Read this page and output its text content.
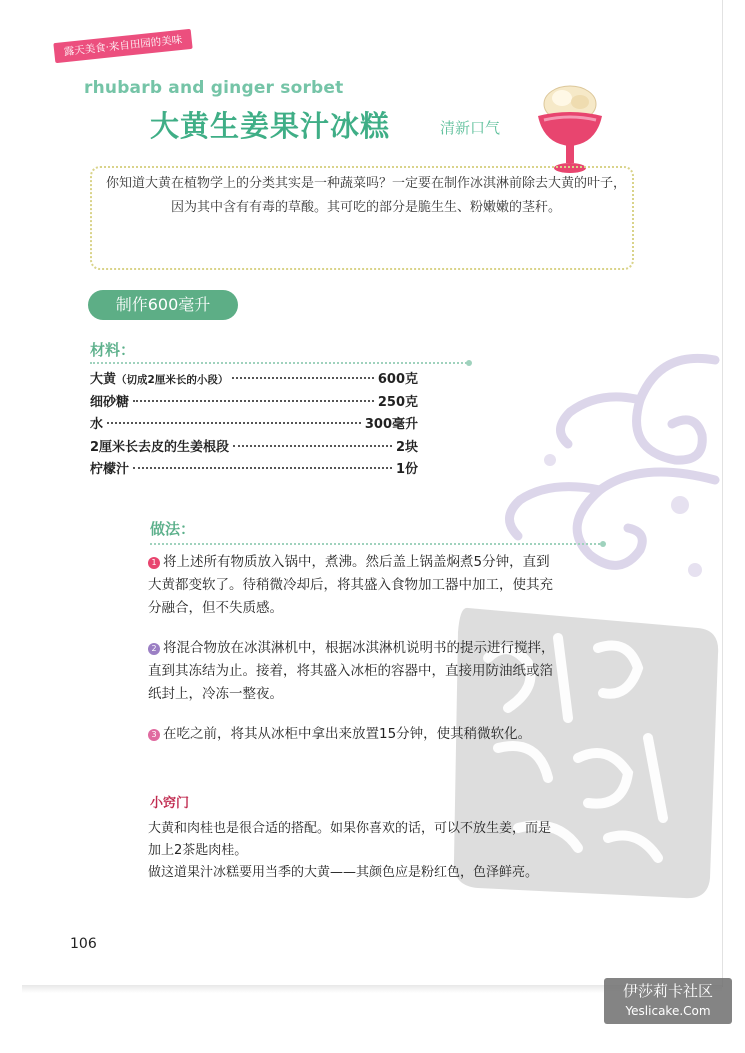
露天美食·来自田园的美味
rhubarb and ginger sorbet
大黄生姜果汁冰糕	清新口气
你知道大黄在植物学上的分类其实是一种蔬菜吗？一定要在制作冰淇淋前除去大黄的叶子，因为其中含有有毒的草酸。其可吃的部分是脆生生、粉嫩嫩的茎秆。
制作600毫升
材料：
大黄 （切成2厘米长的小段）	600克
细砂糖	250克
水	300毫升
2厘米长去皮的生姜根段	2块
柠檬汁	1份
做法：
1 将上述所有物质放入锅中，煮沸。然后盖上锅盖焖煮5分钟，直到大黄都变软了。待稍微冷却后，将其盛入食物加工器中加工，使其充分融合，但不失质感。
2 将混合物放在冰淇淋机中，根据冰淇淋机说明书的提示进行搅拌，直到其冻结为止。接着，将其盛入冰柜的容器中，直接用防油纸或箔纸封上，冷冻一整夜。
3 在吃之前，将其从冰柜中拿出来放置15分钟，使其稍微软化。
小窍门
大黄和肉桂也是很合适的搭配。如果你喜欢的话，可以不放生姜，而是加上2茶匙肉桂。
做这道果汁冰糕要用当季的大黄——其颜色应是粉红色，色泽鲜亮。
106
伊莎莉卡社区
Yeslicake.Com
